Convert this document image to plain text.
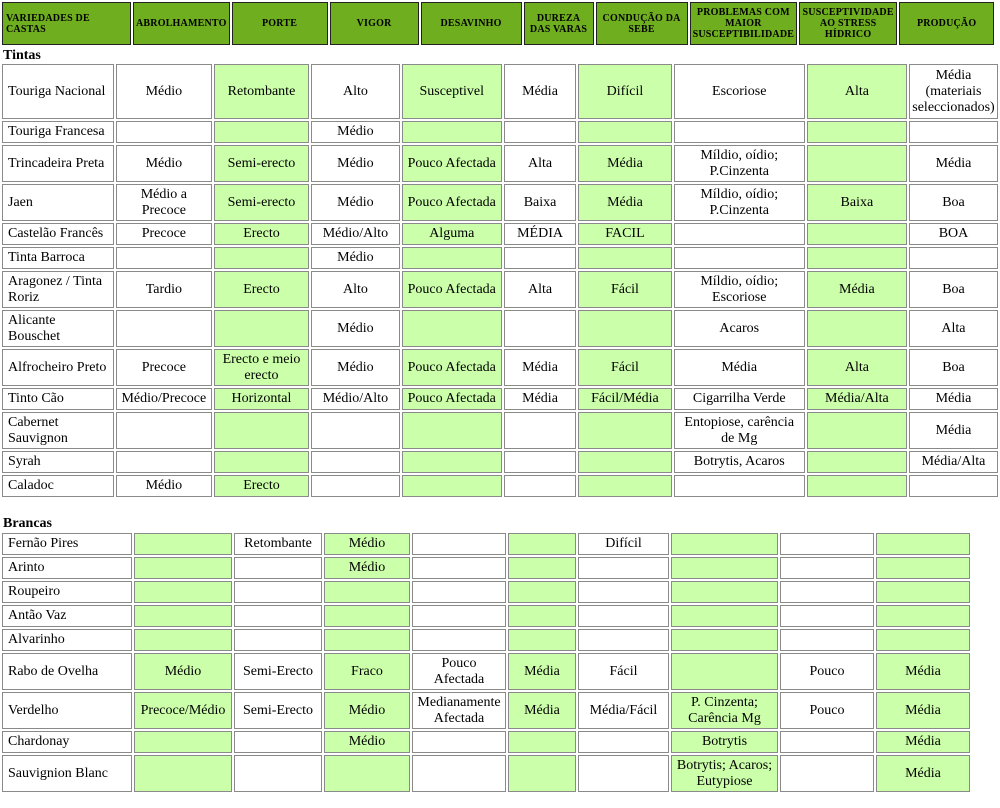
VARIEDADES DE CASTAS	ABROLHAMENTO	PORTE	VIGOR	DESAVINHO	DUREZA DAS VARAS	CONDUÇÃO DA SEBE	PROBLEMAS COM MAIOR SUSCEPTIBILIDADE	SUSCEPTIVIDADE AO STRESS HÍDRICO	PRODUÇÃO
Tintas
Touriga Nacional	Médio	Retombante	Alto	Susceptivel	Média	Difícil	Escoriose	Alta	Média (materiais seleccionados)
Touriga Francesa			Médio						
Trincadeira Preta	Médio	Semi-erecto	Médio	Pouco Afectada	Alta	Média	Míldio, oídio; P.Cinzenta		Média
Jaen	Médio a Precoce	Semi-erecto	Médio	Pouco Afectada	Baixa	Média	Míldio, oídio; P.Cinzenta	Baixa	Boa
Castelão Francês	Precoce	Erecto	Médio/Alto	Alguma	MÉDIA	FACIL			BOA
Tinta Barroca			Médio						
Aragonez / Tinta Roriz	Tardio	Erecto	Alto	Pouco Afectada	Alta	Fácil	Míldio, oídio; Escoriose	Média	Boa
Alicante Bouschet			Médio				Acaros		Alta
Alfrocheiro Preto	Precoce	Erecto e meio erecto	Médio	Pouco Afectada	Média	Fácil	Média	Alta	Boa
Tinto Cão	Médio/Precoce	Horizontal	Médio/Alto	Pouco Afectada	Média	Fácil/Média	Cigarrilha Verde	Média/Alta	Média
Cabernet Sauvignon							Entopiose, carência de Mg		Média
Syrah							Botrytis, Acaros		Média/Alta
Caladoc	Médio	Erecto							
Brancas
Fernão Pires		Retombante	Médio			Difícil			
Arinto			Médio						
Roupeiro									
Antão Vaz									
Alvarinho									
Rabo de Ovelha	Médio	Semi-Erecto	Fraco	Pouco Afectada	Média	Fácil		Pouco	Média
Verdelho	Precoce/Médio	Semi-Erecto	Médio	Medianamente Afectada	Média	Média/Fácil	P. Cinzenta; Carência Mg	Pouco	Média
Chardonay			Médio				Botrytis		Média
Sauvignion Blanc							Botrytis; Acaros; Eutypiose		Média
